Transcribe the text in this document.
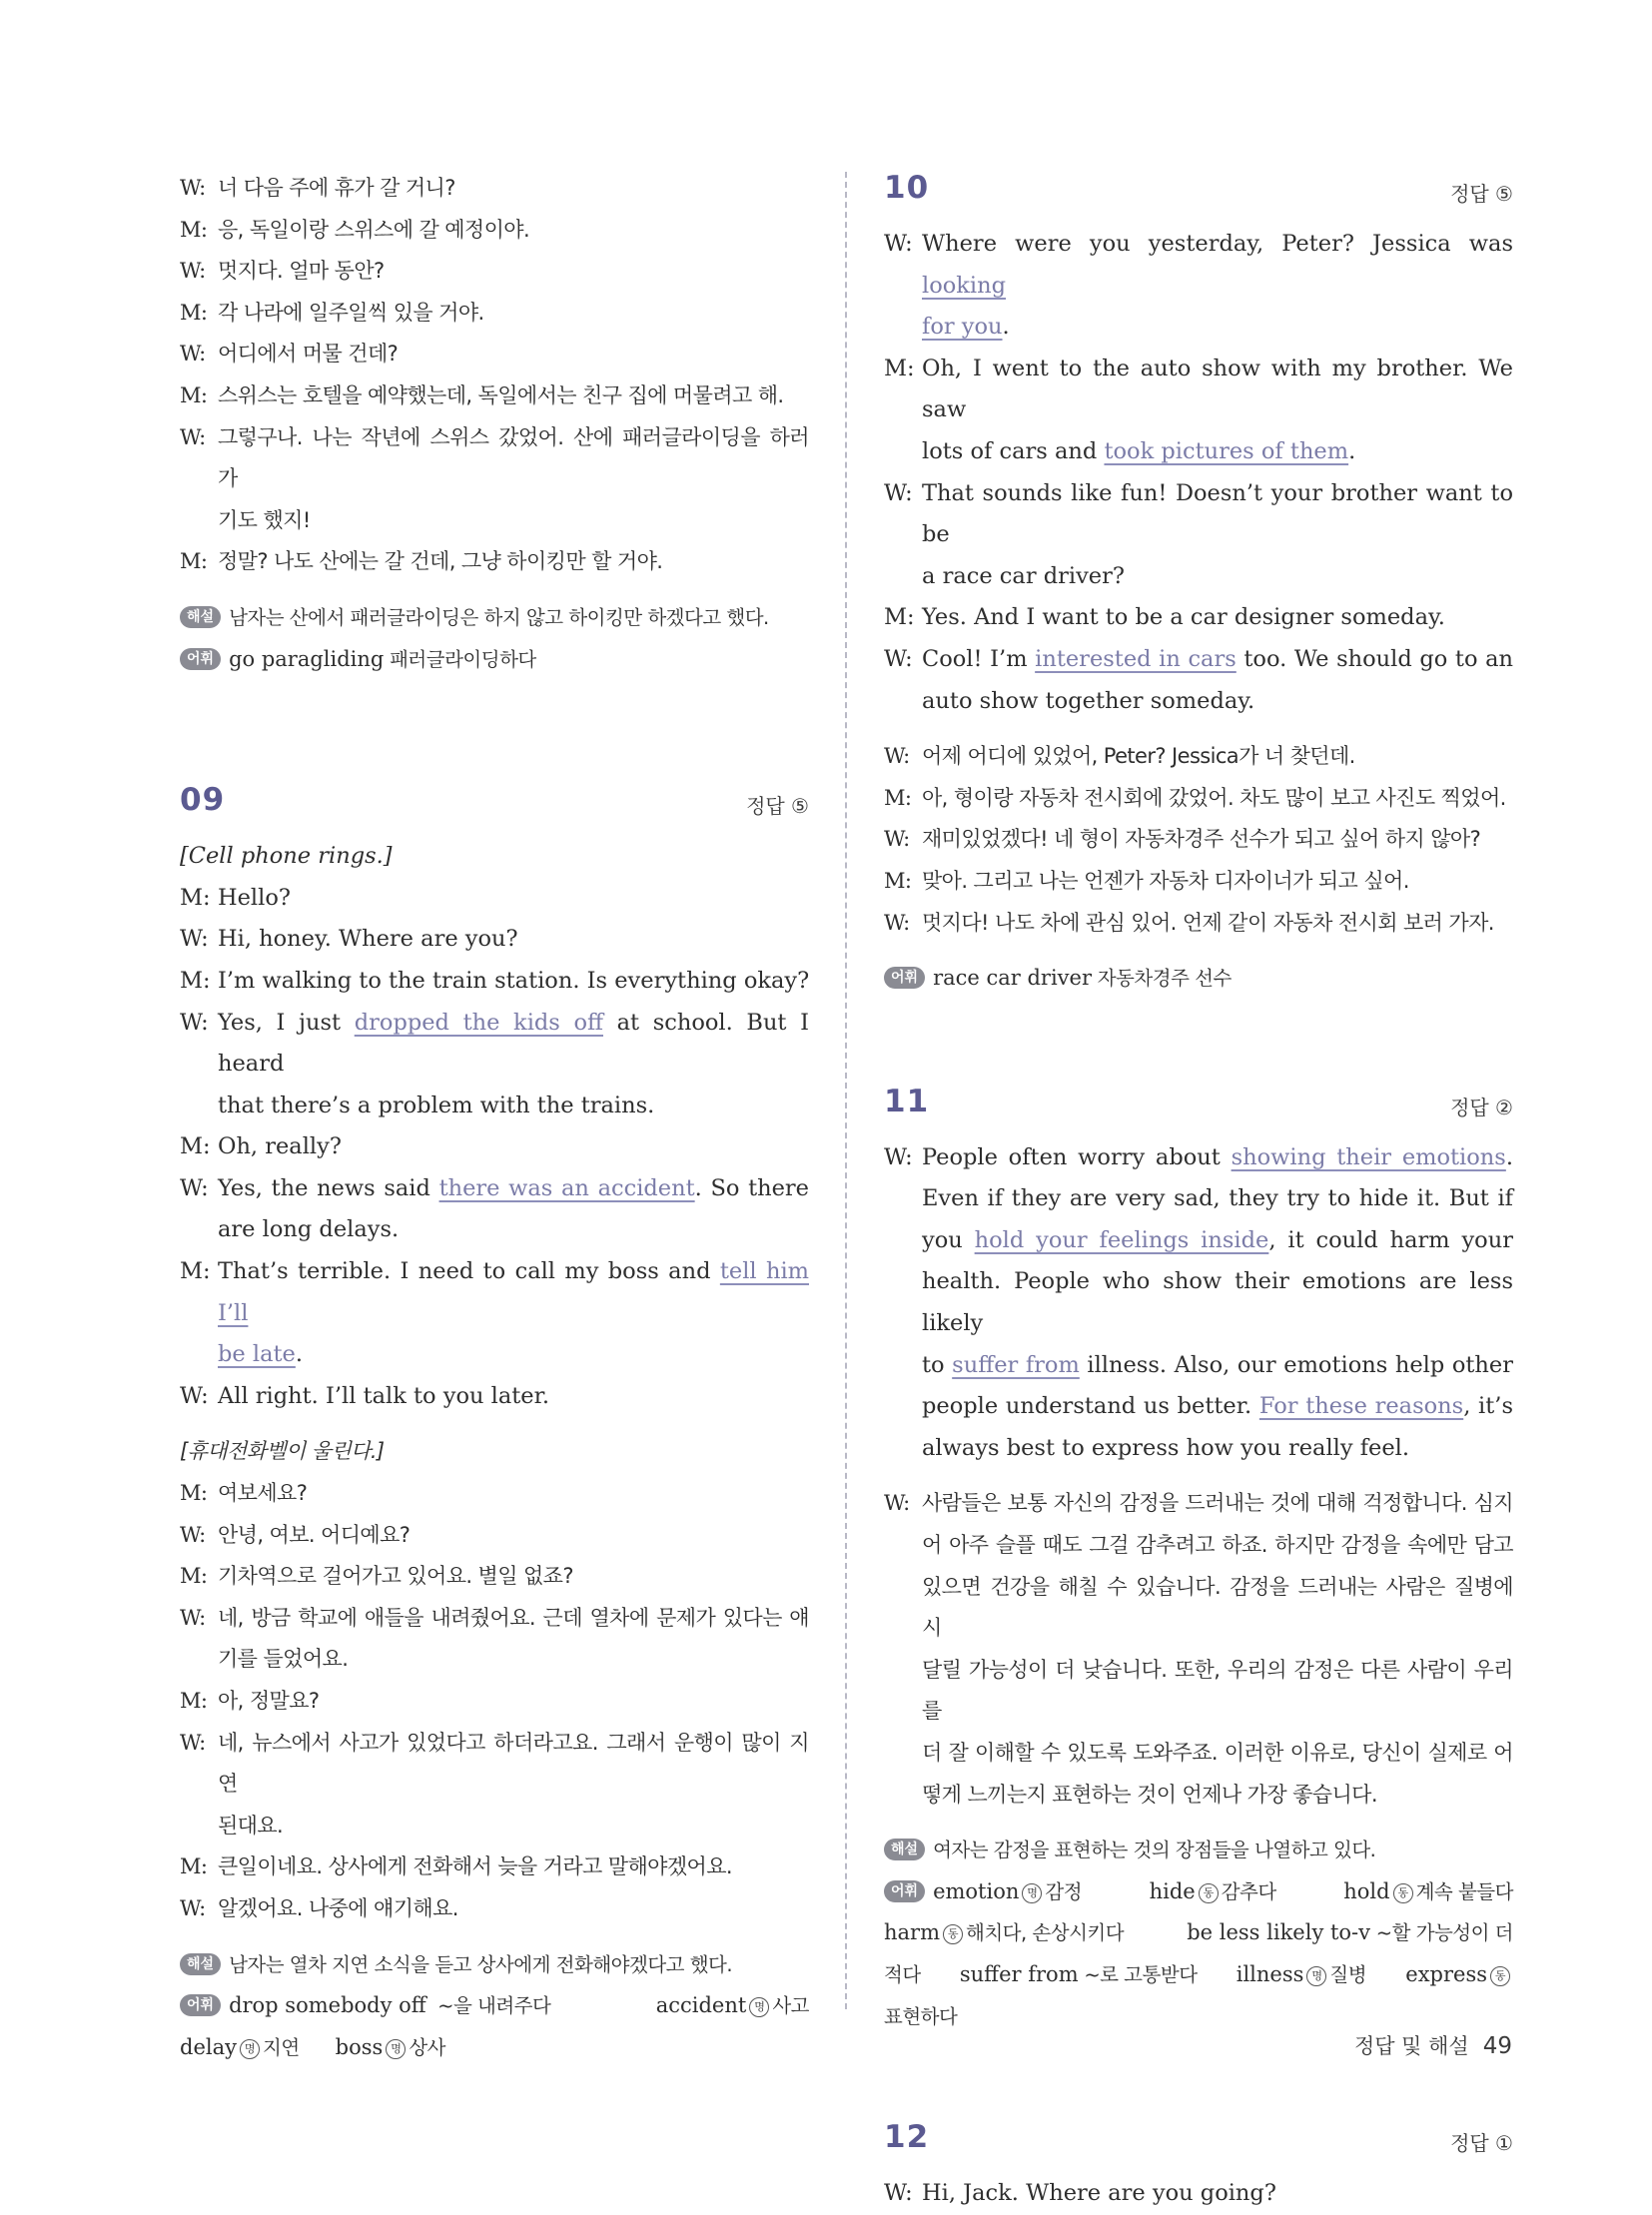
W: 너 다음 주에 휴가 갈 거니?
M: 응, 독일이랑 스위스에 갈 예정이야.
W: 멋지다. 얼마 동안?
M: 각 나라에 일주일씩 있을 거야.
W: 어디에서 머물 건데?
M: 스위스는 호텔을 예약했는데, 독일에서는 친구 집에 머물려고 해.
W: 그렇구나. 나는 작년에 스위스 갔었어. 산에 패러글라이딩을 하러 가
기도 했지!
M: 정말? 나도 산에는 갈 건데, 그냥 하이킹만 할 거야.
해설 남자는 산에서 패러글라이딩은 하지 않고 하이킹만 하겠다고 했다.
어휘 go paragliding 패러글라이딩하다
09	정답 ⑤
[Cell phone rings.]
M: Hello?
W: Hi, honey. Where are you?
M: I’m walking to the train station. Is everything okay?
W: Yes, I just dropped the kids off at school. But I heard
that there’s a problem with the trains.
M: Oh, really?
W: Yes, the news said there was an accident. So there
are long delays.
M: That’s terrible. I need to call my boss and tell him I’ll
be late.
W: All right. I’ll talk to you later.
[휴대전화벨이 울린다.]
M: 여보세요?
W: 안녕, 여보. 어디예요?
M: 기차역으로 걸어가고 있어요. 별일 없죠?
W: 네, 방금 학교에 애들을 내려줬어요. 근데 열차에 문제가 있다는 얘
기를 들었어요.
M: 아, 정말요?
W: 네, 뉴스에서 사고가 있었다고 하더라고요. 그래서 운행이 많이 지연
된대요.
M: 큰일이네요. 상사에게 전화해서 늦을 거라고 말해야겠어요.
W: 알겠어요. 나중에 얘기해요.
해설 남자는 열차 지연 소식을 듣고 상사에게 전화해야겠다고 했다.
어휘 drop somebody off ~을 내려주다	accident 명 사고
delay 명 지연 boss 명 상사
10	정답 ⑤
W: Where were you yesterday, Peter? Jessica was looking
for you.
M: Oh, I went to the auto show with my brother. We saw
lots of cars and took pictures of them.
W: That sounds like fun! Doesn’t your brother want to be
a race car driver?
M: Yes. And I want to be a car designer someday.
W: Cool! I’m interested in cars too. We should go to an
auto show together someday.
W: 어제 어디에 있었어, Peter? Jessica가 너 찾던데.
M: 아, 형이랑 자동차 전시회에 갔었어. 차도 많이 보고 사진도 찍었어.
W: 재미있었겠다! 네 형이 자동차경주 선수가 되고 싶어 하지 않아?
M: 맞아. 그리고 나는 언젠가 자동차 디자이너가 되고 싶어.
W: 멋지다! 나도 차에 관심 있어. 언제 같이 자동차 전시회 보러 가자.
어휘 race car driver 자동차경주 선수
11	정답 ②
W: People often worry about showing their emotions.
Even if they are very sad, they try to hide it. But if
you hold your feelings inside, it could harm your
health. People who show their emotions are less likely
to suffer from illness. Also, our emotions help other
people understand us better. For these reasons, it’s
always best to express how you really feel.
W: 사람들은 보통 자신의 감정을 드러내는 것에 대해 걱정합니다. 심지
어 아주 슬플 때도 그걸 감추려고 하죠. 하지만 감정을 속에만 담고
있으면 건강을 해칠 수 있습니다. 감정을 드러내는 사람은 질병에 시
달릴 가능성이 더 낮습니다. 또한, 우리의 감정은 다른 사람이 우리를
더 잘 이해할 수 있도록 도와주죠. 이러한 이유로, 당신이 실제로 어
떻게 느끼는지 표현하는 것이 언제나 가장 좋습니다.
해설 여자는 감정을 표현하는 것의 장점들을 나열하고 있다.
어휘 emotion 명 감정	hide 동 감추다	hold 동 계속 붙들다
harm 동 해치다, 손상시키다	be less likely to-v ~할 가능성이 더
적다 suffer from ~로 고통받다 illness 명 질병 express 동
표현하다
12	정답 ①
W: Hi, Jack. Where are you going?
정답 및 해설 49
